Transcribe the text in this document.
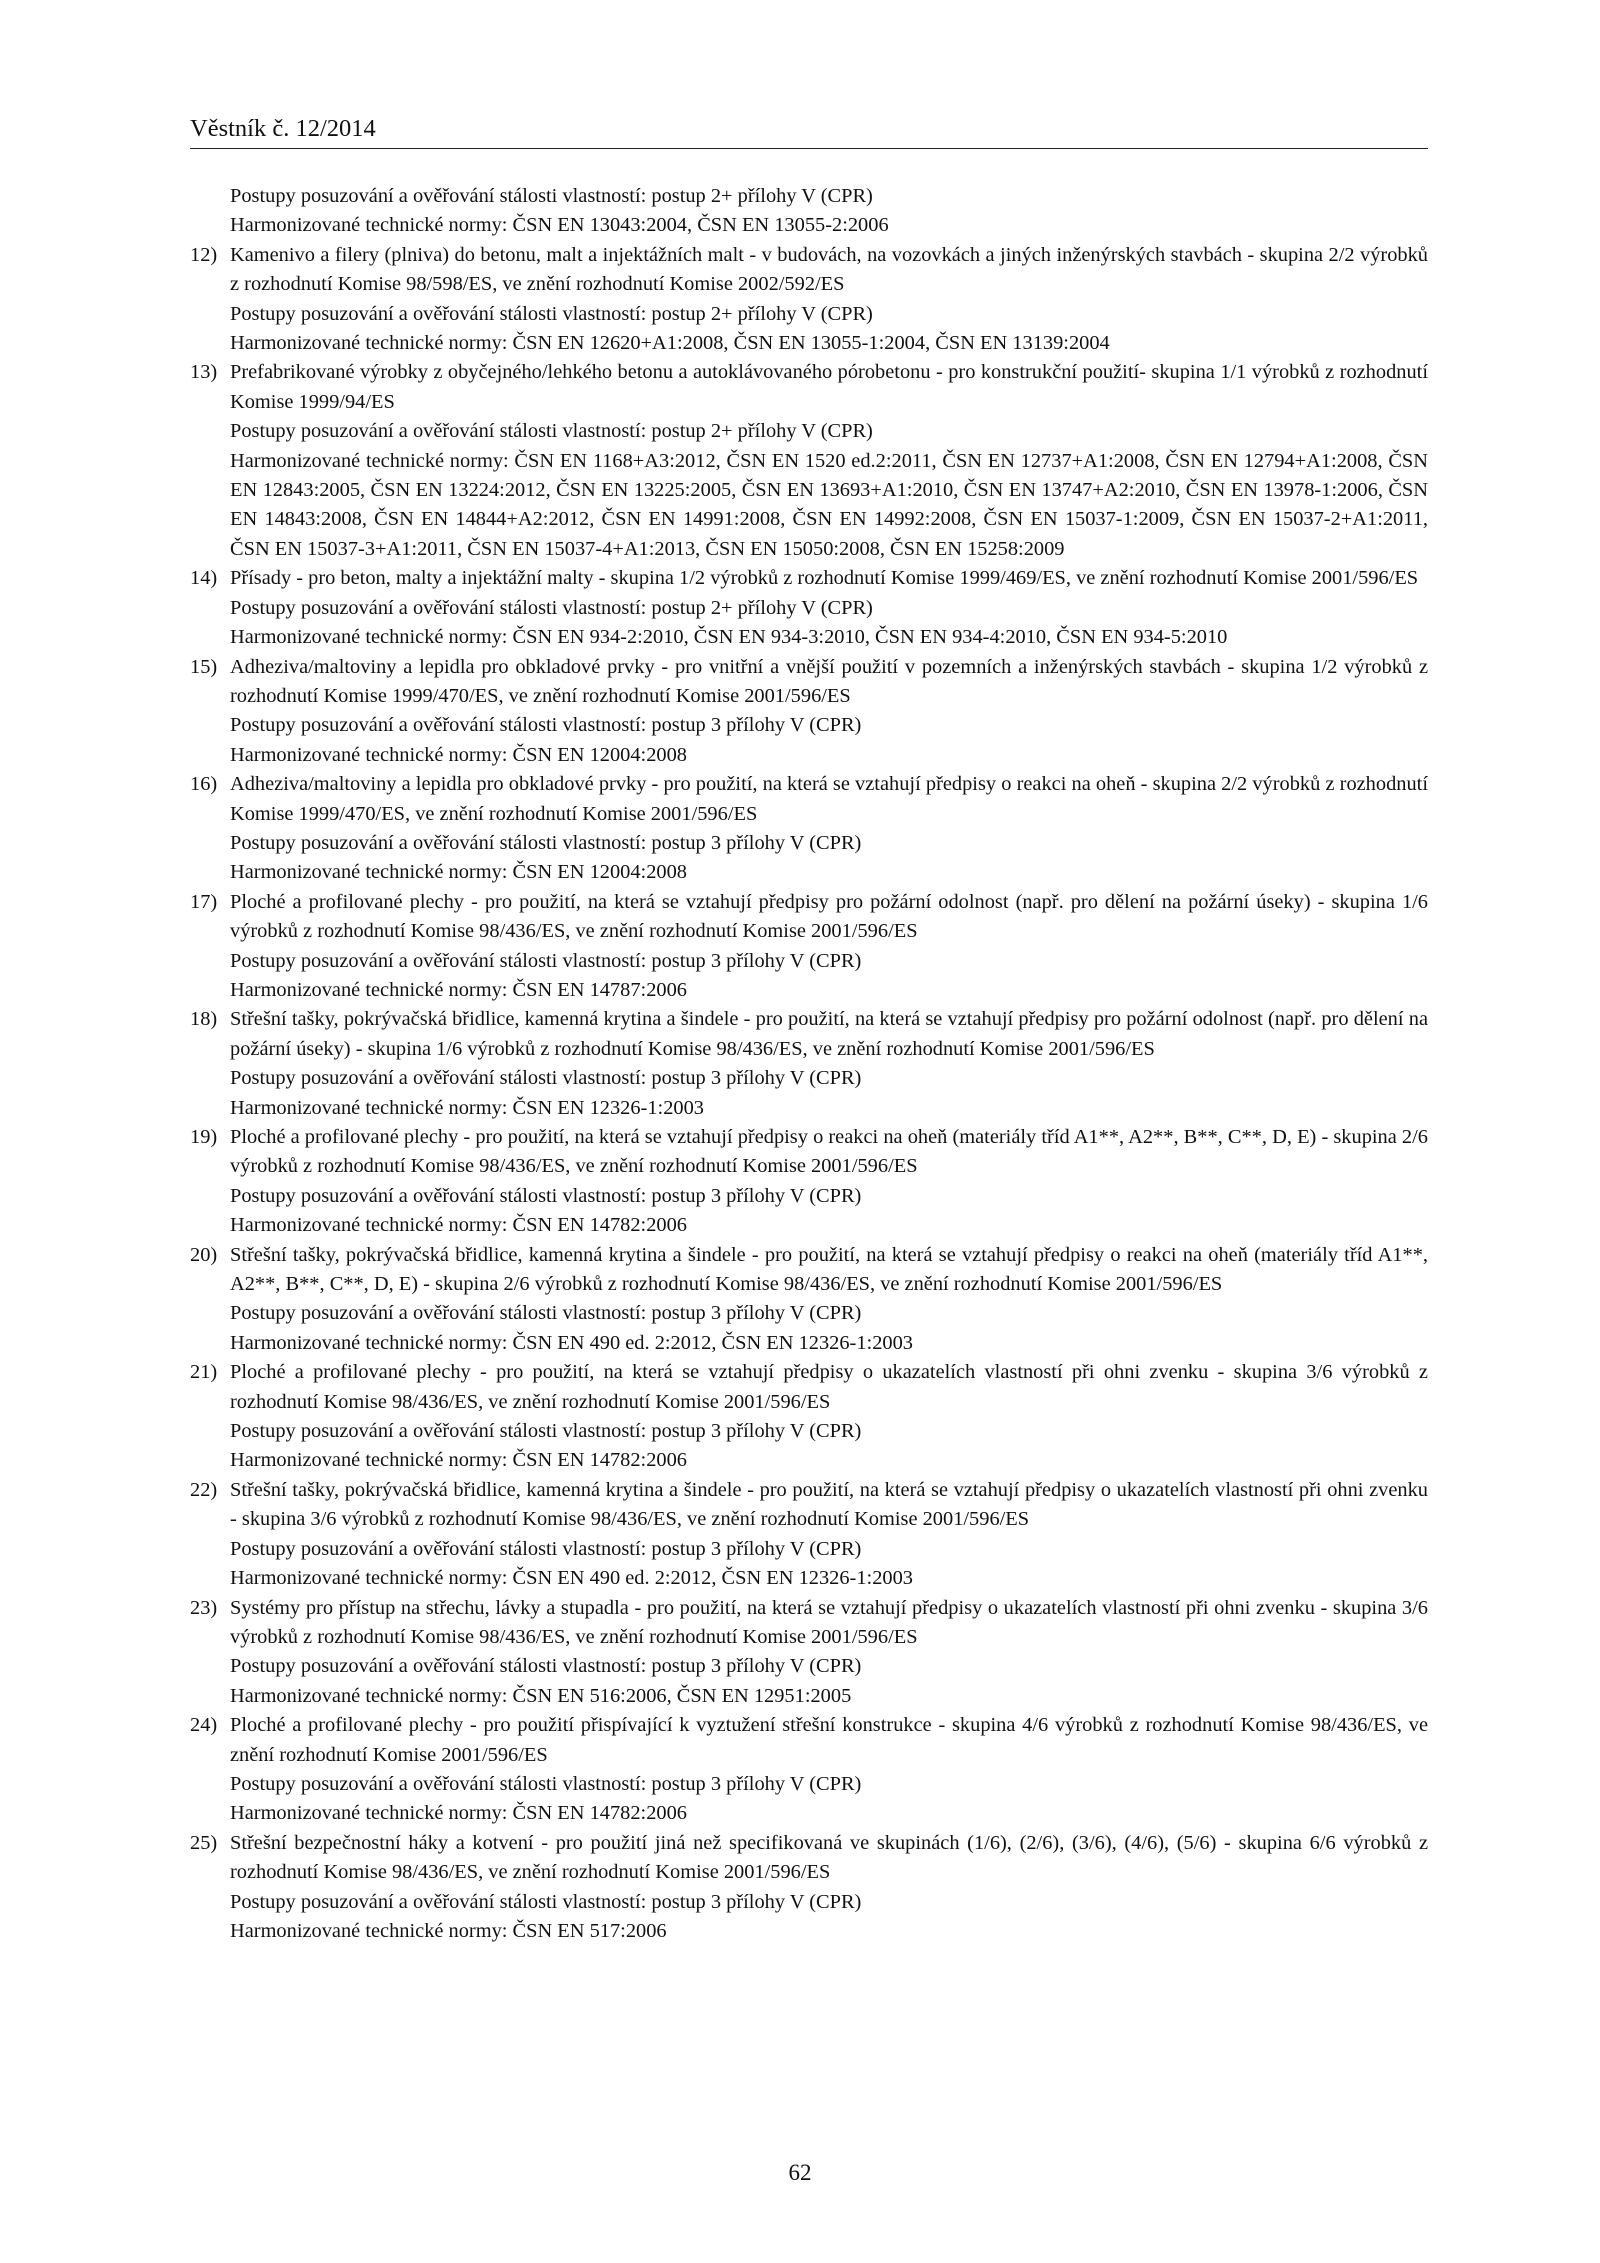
Věstník č. 12/2014
Postupy posuzování a ověřování stálosti vlastností: postup 2+ přílohy V (CPR)
Harmonizované technické normy: ČSN EN 13043:2004, ČSN EN 13055-2:2006
12) Kamenivo a filery (plniva) do betonu, malt a injektážních malt - v budovách, na vozovkách a jiných inženýrských stavbách - skupina 2/2 výrobků z rozhodnutí Komise 98/598/ES, ve znění rozhodnutí Komise 2002/592/ES
Postupy posuzování a ověřování stálosti vlastností: postup 2+ přílohy V (CPR)
Harmonizované technické normy: ČSN EN 12620+A1:2008, ČSN EN 13055-1:2004, ČSN EN 13139:2004
13) Prefabrikované výrobky z obyčejného/lehkého betonu a autoklávovaného pórobetonu - pro konstrukční použití- skupina 1/1 výrobků z rozhodnutí Komise 1999/94/ES
Postupy posuzování a ověřování stálosti vlastností: postup 2+ přílohy V (CPR)
Harmonizované technické normy: ČSN EN 1168+A3:2012, ČSN EN 1520 ed.2:2011, ČSN EN 12737+A1:2008, ČSN EN 12794+A1:2008, ČSN EN 12843:2005, ČSN EN 13224:2012, ČSN EN 13225:2005, ČSN EN 13693+A1:2010, ČSN EN 13747+A2:2010, ČSN EN 13978-1:2006, ČSN EN 14843:2008, ČSN EN 14844+A2:2012, ČSN EN 14991:2008, ČSN EN 14992:2008, ČSN EN 15037-1:2009, ČSN EN 15037-2+A1:2011, ČSN EN 15037-3+A1:2011, ČSN EN 15037-4+A1:2013, ČSN EN 15050:2008, ČSN EN 15258:2009
14) Přísady - pro beton, malty a injektážní malty - skupina 1/2 výrobků z rozhodnutí Komise 1999/469/ES, ve znění rozhodnutí Komise 2001/596/ES
Postupy posuzování a ověřování stálosti vlastností: postup 2+ přílohy V (CPR)
Harmonizované technické normy: ČSN EN 934-2:2010, ČSN EN 934-3:2010, ČSN EN 934-4:2010, ČSN EN 934-5:2010
15) Adheziva/maltoviny a lepidla pro obkladové prvky - pro vnitřní a vnější použití v pozemních a inženýrských stavbách - skupina 1/2 výrobků z rozhodnutí Komise 1999/470/ES, ve znění rozhodnutí Komise 2001/596/ES
Postupy posuzování a ověřování stálosti vlastností: postup 3 přílohy V (CPR)
Harmonizované technické normy: ČSN EN 12004:2008
16) Adheziva/maltoviny a lepidla pro obkladové prvky - pro použití, na která se vztahují předpisy o reakci na oheň - skupina 2/2 výrobků z rozhodnutí Komise 1999/470/ES, ve znění rozhodnutí Komise 2001/596/ES
Postupy posuzování a ověřování stálosti vlastností: postup 3 přílohy V (CPR)
Harmonizované technické normy: ČSN EN 12004:2008
17) Ploché a profilované plechy - pro použití, na která se vztahují předpisy pro požární odolnost (např. pro dělení na požární úseky) - skupina 1/6 výrobků z rozhodnutí Komise 98/436/ES, ve znění rozhodnutí Komise 2001/596/ES
Postupy posuzování a ověřování stálosti vlastností: postup 3 přílohy V (CPR)
Harmonizované technické normy: ČSN EN 14787:2006
18) Střešní tašky, pokrývačská břidlice, kamenná krytina a šindele - pro použití, na která se vztahují předpisy pro požární odolnost (např. pro dělení na požární úseky) - skupina 1/6 výrobků z rozhodnutí Komise 98/436/ES, ve znění rozhodnutí Komise 2001/596/ES
Postupy posuzování a ověřování stálosti vlastností: postup 3 přílohy V (CPR)
Harmonizované technické normy: ČSN EN 12326-1:2003
19) Ploché a profilované plechy - pro použití, na která se vztahují předpisy o reakci na oheň (materiály tříd A1**, A2**, B**, C**, D, E) - skupina 2/6 výrobků z rozhodnutí Komise 98/436/ES, ve znění rozhodnutí Komise 2001/596/ES
Postupy posuzování a ověřování stálosti vlastností: postup 3 přílohy V (CPR)
Harmonizované technické normy: ČSN EN 14782:2006
20) Střešní tašky, pokrývačská břidlice, kamenná krytina a šindele - pro použití, na která se vztahují předpisy o reakci na oheň (materiály tříd A1**, A2**, B**, C**, D, E) - skupina 2/6 výrobků z rozhodnutí Komise 98/436/ES, ve znění rozhodnutí Komise 2001/596/ES
Postupy posuzování a ověřování stálosti vlastností: postup 3 přílohy V (CPR)
Harmonizované technické normy: ČSN EN 490 ed. 2:2012, ČSN EN 12326-1:2003
21) Ploché a profilované plechy - pro použití, na která se vztahují předpisy o ukazatelích vlastností při ohni zvenku - skupina 3/6 výrobků z rozhodnutí Komise 98/436/ES, ve znění rozhodnutí Komise 2001/596/ES
Postupy posuzování a ověřování stálosti vlastností: postup 3 přílohy V (CPR)
Harmonizované technické normy: ČSN EN 14782:2006
22) Střešní tašky, pokrývačská břidlice, kamenná krytina a šindele - pro použití, na která se vztahují předpisy o ukazatelích vlastností při ohni zvenku - skupina 3/6 výrobků z rozhodnutí Komise 98/436/ES, ve znění rozhodnutí Komise 2001/596/ES
Postupy posuzování a ověřování stálosti vlastností: postup 3 přílohy V (CPR)
Harmonizované technické normy: ČSN EN 490 ed. 2:2012, ČSN EN 12326-1:2003
23) Systémy pro přístup na střechu, lávky a stupadla - pro použití, na která se vztahují předpisy o ukazatelích vlastností při ohni zvenku - skupina 3/6 výrobků z rozhodnutí Komise 98/436/ES, ve znění rozhodnutí Komise 2001/596/ES
Postupy posuzování a ověřování stálosti vlastností: postup 3 přílohy V (CPR)
Harmonizované technické normy: ČSN EN 516:2006, ČSN EN 12951:2005
24) Ploché a profilované plechy - pro použití přispívající k vyztužení střešní konstrukce - skupina 4/6 výrobků z rozhodnutí Komise 98/436/ES, ve znění rozhodnutí Komise 2001/596/ES
Postupy posuzování a ověřování stálosti vlastností: postup 3 přílohy V (CPR)
Harmonizované technické normy: ČSN EN 14782:2006
25) Střešní bezpečnostní háky a kotvení - pro použití jiná než specifikovaná ve skupinách (1/6), (2/6), (3/6), (4/6), (5/6) - skupina 6/6 výrobků z rozhodnutí Komise 98/436/ES, ve znění rozhodnutí Komise 2001/596/ES
Postupy posuzování a ověřování stálosti vlastností: postup 3 přílohy V (CPR)
Harmonizované technické normy: ČSN EN 517:2006
62
